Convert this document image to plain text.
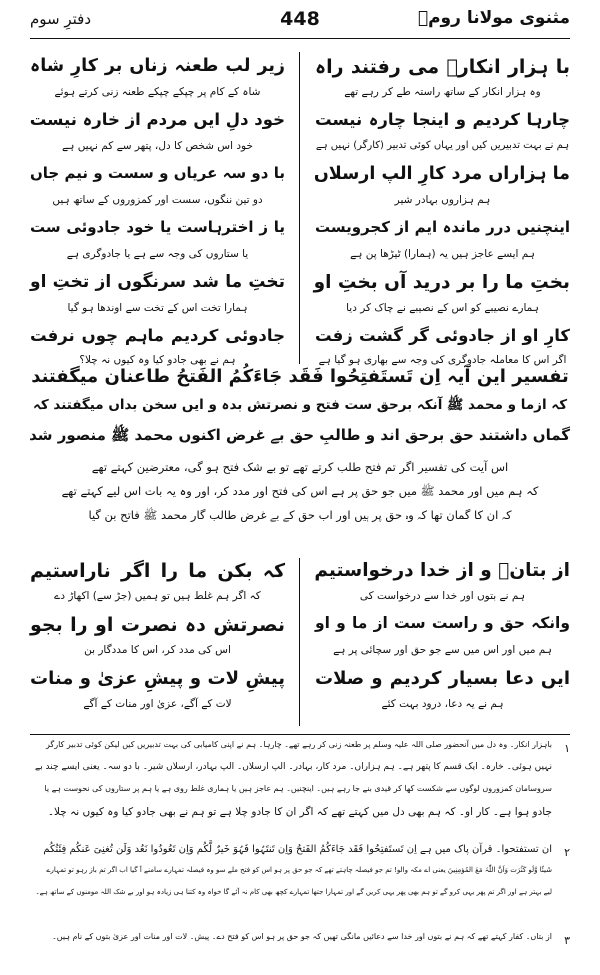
مثنوی مولانا رومؒ
448
دفترِ سوم
با ہزار انکارؔ می رفتند راہ
وہ ہزار انکار کے ساتھ راستہ طے کر رہے تھے
چارہا کردیم و اینجا چارہ نیست
ہم نے بہت تدبیریں کیں اور یہاں کوئی تدبیر (کارگر) نہیں ہے
ما ہزاراں مرد کارِ الپ ارسلاں
ہم ہزاروں بہادر شیر
اینچنیں درر ماندہ ایم از کجرویست
ہم ایسے عاجز ہیں یہ (ہمارا) ٹیڑھا پن ہے
بختِ ما را بر درید آں بختِ او
ہمارے نصیبے کو اس کے نصیبے نے چاک کر دیا
کارِ او از جادوئی گر گشت زفت
اگر اس کا معاملہ جادوگری کی وجہ سے بھاری ہو گیا ہے
زیر لب طعنہ زناں بر کارِ شاہ
شاہ کے کام پر چپکے چپکے طعنہ زنی کرتے ہوئے
خود دلِ ایں مردم از خارہ نیست
خود اس شخص کا دل، پتھر سے کم نہیں ہے
با دو سہ عریاں و سست و نیم جاں
دو تین ننگوں، سست اور کمزوروں کے ساتھ ہیں
یا ز اخترہاست یا خود جادوئی ست
یا ستاروں کی وجہ سے ہے یا جادوگری ہے
تختِ ما شد سرنگوں از تختِ او
ہمارا تخت اس کے تخت سے اوندھا ہو گیا
جادوئی کردیم ماہم چوں نرفت
ہم نے بھی جادو کیا وہ کیوں نہ چلا؟
تفسیر این آیہ اِن تَستَفتِحُوا فَقَد جَاءَکُمُ الفَتحُ طاعنان میگفتند
کہ ازما و محمد ﷺ آنکہ برحق ست فتح و نصرتش بدہ و ایں سخن بداں میگفتند کہ
گماں داشتند حق برحق اند و طالبِ حق بے غرض اکنوں محمد ﷺ منصور شد
اس آیت کی تفسیر اگر تم فتح طلب کرتے تھے تو بے شک فتح ہو گی، معترضین کہتے تھے
کہ ہم میں اور محمد ﷺ میں جو حق پر ہے اس کی فتح اور مدد کر، اور وہ یہ بات اس لیے کہتے تھے
کہ ان کا گمان تھا کہ وہ حق پر ہیں اور اب حق کے بے غرض طالب گار محمد ﷺ فاتح بن گیا
از بتانؔ و از خدا درخواستیم
ہم نے بتوں اور خدا سے درخواست کی
وانکہ حق و راست ست از ما و او
ہم میں اور اس میں سے جو حق اور سچائی پر ہے
ایں دعا بسیار کردیم و صلات
ہم نے یہ دعا، درود بہت کئے
کہ بکن ما را اگر ناراستیم
کہ اگر ہم غلط ہیں تو ہمیں (جڑ سے) اکھاڑ دے
نصرتش دہ نصرت او را بجو
اس کی مدد کر، اس کا مددگار بن
پیشِ لات و پیشِ عزیٰ و منات
لات کے آگے، عزیٰ اور منات کے آگے
۱
باہزار انکار۔ وہ دل میں آنحضور صلی اللہ علیہ وسلم پر طعنہ زنی کر رہے تھے۔ چارہا۔ ہم نے اپنی کامیابی کی بہت تدبیریں کیں لیکن کوئی تدبیر کارگر
نہیں ہوئی۔ خارہ۔ ایک قسم کا پتھر ہے۔ ہم ہزاراں۔ مرد کار، بہادر۔ الپ ارسلاں۔ الپ بہادر، ارسلاں شیر۔ با دو سہ۔ یعنی ایسے چند بے
سروسامان کمزوروں لوگوں سے شکست کھا کر قیدی بنے جا رہے ہیں۔ اینچنیں۔ ہم عاجز ہیں یا ہماری غلط روی ہے یا ہم پر ستاروں کی نحوست ہے یا
جادو ہوا ہے۔ کار او۔ کہ ہم بھی دل میں کہتے تھے کہ اگر ان کا جادو چلا ہے تو ہم نے بھی جادو کیا وہ کیوں نہ چلا۔
۲
ان تستفتحوا۔ قرآن پاک میں ہے اِن تَستَفتِحُوا فَقَد جَاءَکُمُ الفَتحُ وَاِن تَنتَہُوا فَہُوَ خَیرٌ لَّکُم وَاِن تَعُودُوا نَعُد وَلَن تُغنِیَ عَنکُم فِئَتُکُم
شَیئًا وَّلَو کَثُرَت وَاَنَّ اللّٰہَ مَعَ المُؤمِنِینَ یعنی اے مکہ والو! تم جو فیصلہ چاہتے تھے کہ جو حق پر ہو اس کو فتح ملے سو وہ فیصلہ تمہارے سامنے آ گیا اب اگر تم باز رہو تو تمہارے
لیے بہتر ہے اور اگر تم پھر یہی کرو گے تو ہم بھی پھر یہی کریں گے اور تمہارا جتھا تمہارے کچھ بھی کام نہ آئے گا خواہ وہ کتنا ہی زیادہ ہو اور بے شک اللہ مومنوں کے ساتھ ہے۔
۳
از بتاں۔ کفار کہتے تھے کہ ہم نے بتوں اور خدا سے دعائیں مانگی تھیں کہ جو حق پر ہو اس کو فتح دے۔ پیش۔ لات اور منات اور عزیٰ بتوں کے نام ہیں۔
